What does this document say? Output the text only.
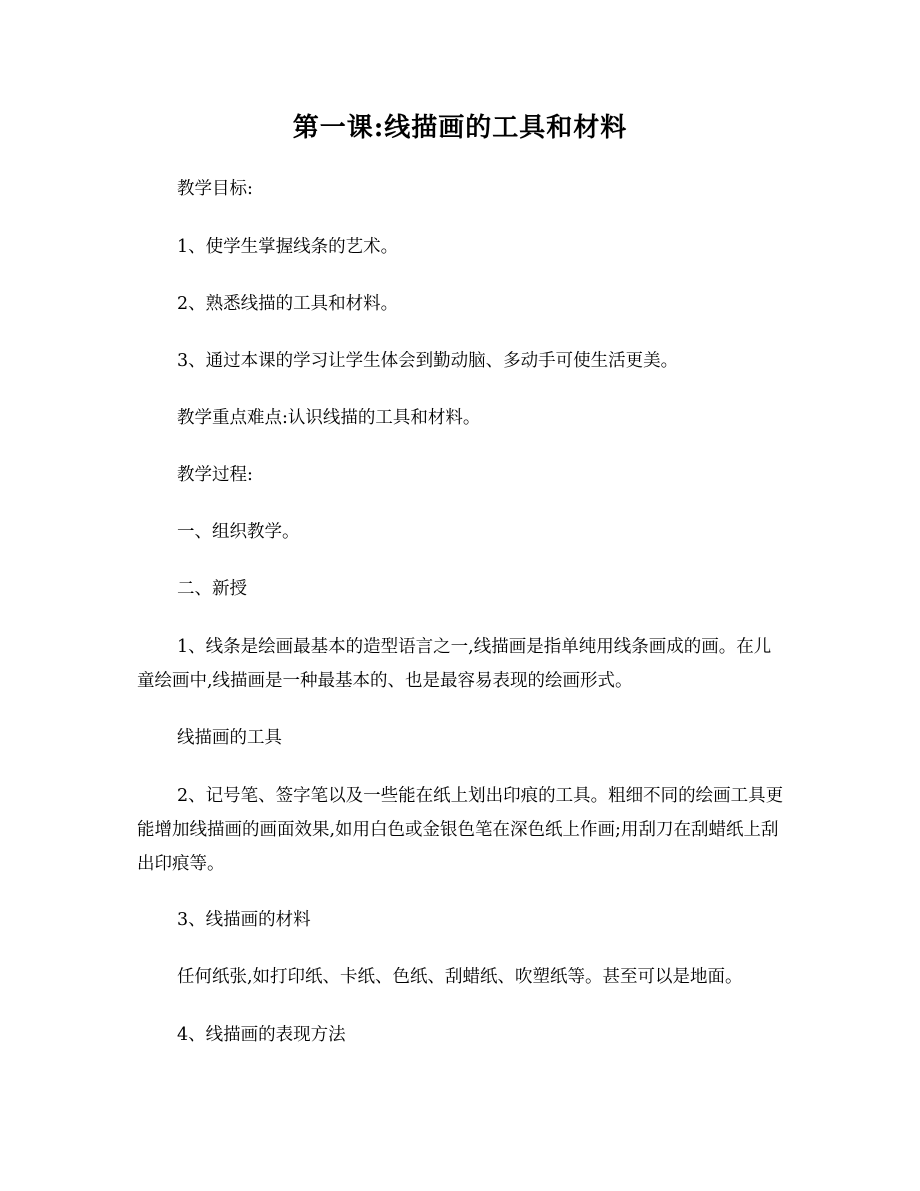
第一课:线描画的工具和材料
教学目标:
1、使学生掌握线条的艺术。
2、熟悉线描的工具和材料。
3、通过本课的学习让学生体会到勤动脑、多动手可使生活更美。
教学重点难点:认识线描的工具和材料。
教学过程:
一、组织教学。
二、新授
1、线条是绘画最基本的造型语言之一,线描画是指单纯用线条画成的画。在儿童绘画中,线描画是一种最基本的、也是最容易表现的绘画形式。
线描画的工具
2、记号笔、签字笔以及一些能在纸上划出印痕的工具。粗细不同的绘画工具更能增加线描画的画面效果,如用白色或金银色笔在深色纸上作画;用刮刀在刮蜡纸上刮出印痕等。
3、线描画的材料
任何纸张,如打印纸、卡纸、色纸、刮蜡纸、吹塑纸等。甚至可以是地面。
4、线描画的表现方法
